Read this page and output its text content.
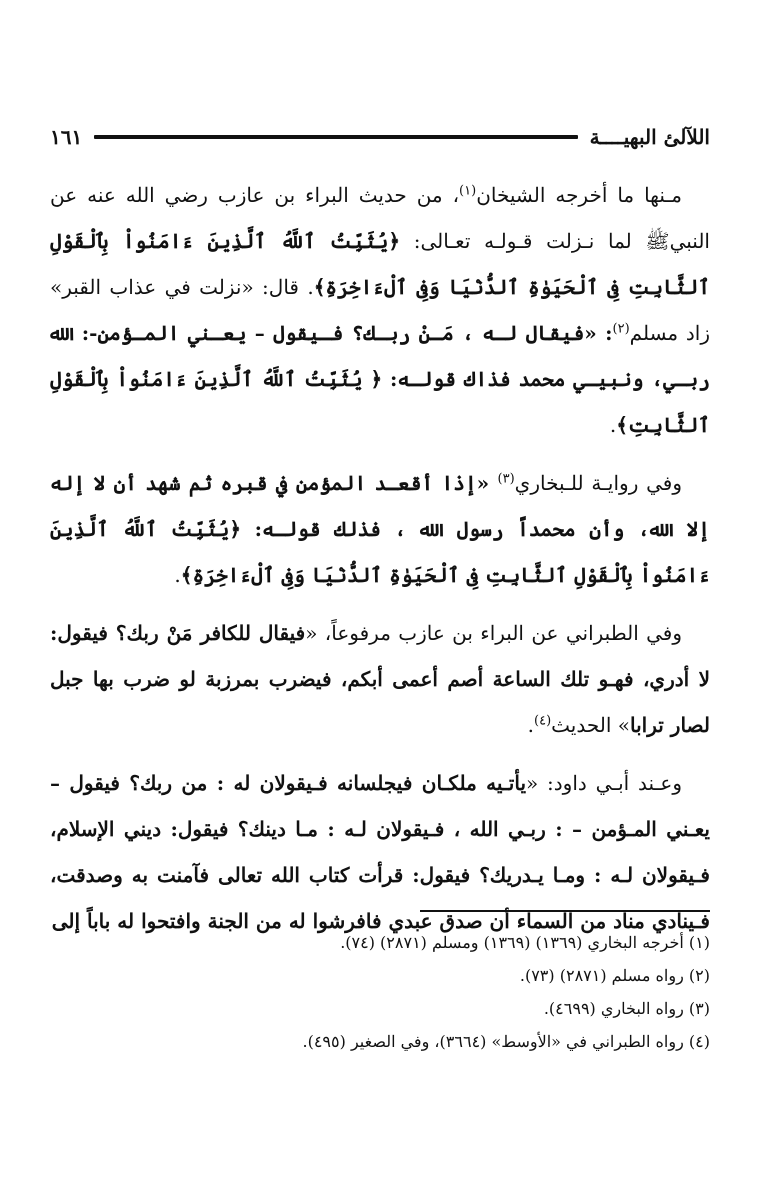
اللآلئ البهيــــة
١٦١

مـنها ما أخرجه الشيخان$^{(١)}$، من حديث البراء بن عازب رضي الله عنه عن النبيﷺ لما نـزلت قـولـه تعـالى: ﴿يُثَبِّتُ ٱللَّهُ ٱلَّذِينَ ءَامَنُواْ بِٱلْقَوْلِ ٱلثَّابِتِ فِى ٱلْحَيَوٰةِ ٱلدُّنْيَا وَفِى ٱلْءَاخِرَةِ﴾. قال: «نزلت في عذاب القبر» زاد مسلم$^{(٢)}$: «فيقال لـه ، مَـنْ ربـك؟ فـيقول – يعـني المـؤمن-: الله ربـي، ونبيـي محمد فذاك قولـه: ﴿ يُثَبِّتُ ٱللَّهُ ٱلَّذِينَ ءَامَنُواْ بِٱلْقَوْلِ ٱلثَّابِتِ﴾.

وفي روايـة للـبخاري$^{(٣)}$ «إذا أقعـد المؤمن في قبره ثم شهد أن لا إله إلا الله، وأن محمداً رسول الله ، فذلك قولـه: ﴿يُثَبِّتُ ٱللَّهُ ٱلَّذِينَ ءَامَنُواْ بِٱلْقَوْلِ ٱلثَّابِتِ فِى ٱلْحَيَوٰةِ ٱلدُّنْيَا وَفِى ٱلْءَاخِرَةِ﴾.

وفي الطبراني عن البراء بن عازب مرفوعاً، «فيقال للكافر مَنْ ربك؟ فيقول: لا أدري، فهـو تلك الساعة أصم أعمى أبكم، فيضرب بمرزبة لو ضرب بها جبل لصار ترابا» الحديث$^{(٤)}$.

وعـند أبـي داود: «يأتـيه ملكـان فيجلسانه فـيقولان له : من ربك؟ فيقول – يعـني المـؤمن – : ربـي الله ، فـيقولان لـه : مـا دينك؟ فيقول: ديني الإسلام، فـيقولان لـه : ومـا يـدريك؟ فيقول: قرأت كتاب الله تعالى فآمنت به وصدقت، فـينادي مناد من السماء أن صدق عبدي فافرشوا له من الجنة وافتحوا له باباً إلى

(١) أخرجه البخاري (١٣٦٩) (١٣٦٩) ومسلم (٢٨٧١) (٧٤).
(٢) رواه مسلم (٢٨٧١) (٧٣).
(٣) رواه البخاري (٤٦٩٩).
(٤) رواه الطبراني في «الأوسط» (٣٦٦٤)، وفي الصغير (٤٩٥).
